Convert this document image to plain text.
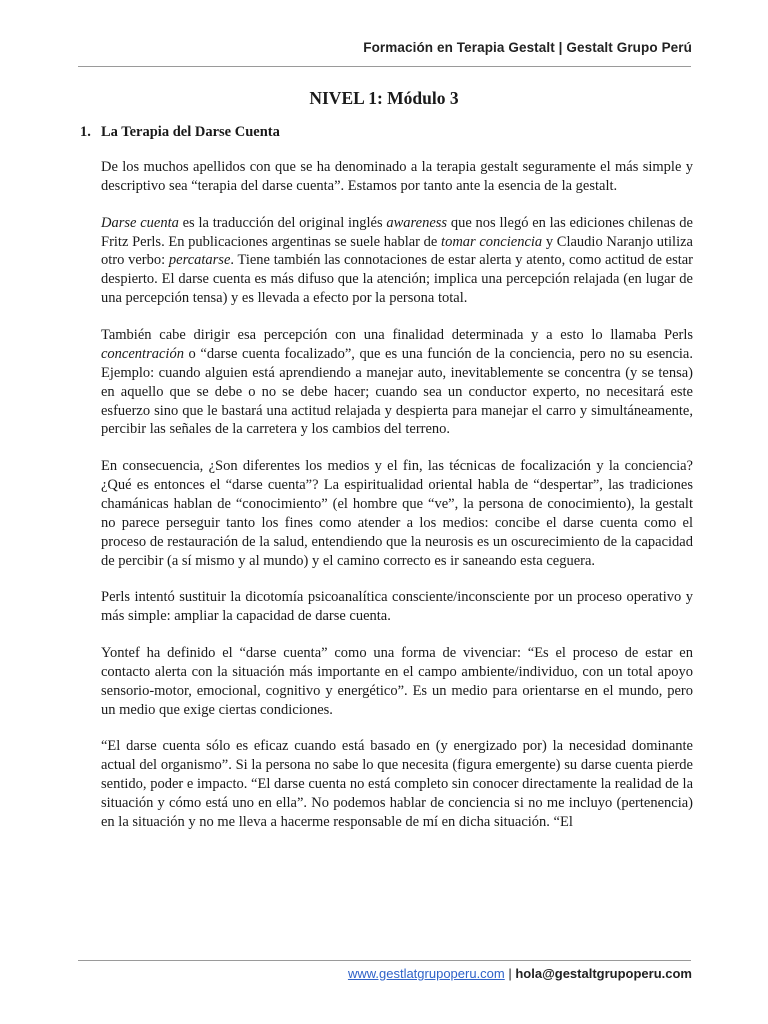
Formación en Terapia Gestalt | Gestalt Grupo Perú
NIVEL 1: Módulo 3
1. La Terapia del Darse Cuenta

De los muchos apellidos con que se ha denominado a la terapia gestalt seguramente el más simple y descriptivo sea “terapia del darse cuenta”. Estamos por tanto ante la esencia de la gestalt.

Darse cuenta es la traducción del original inglés awareness que nos llegó en las ediciones chilenas de Fritz Perls. En publicaciones argentinas se suele hablar de tomar conciencia y Claudio Naranjo utiliza otro verbo: percatarse. Tiene también las connotaciones de estar alerta y atento, como actitud de estar despierto. El darse cuenta es más difuso que la atención; implica una percepción relajada (en lugar de una percepción tensa) y es llevada a efecto por la persona total.

También cabe dirigir esa percepción con una finalidad determinada y a esto lo llamaba Perls concentración o “darse cuenta focalizado”, que es una función de la conciencia, pero no su esencia. Ejemplo: cuando alguien está aprendiendo a manejar auto, inevitablemente se concentra (y se tensa) en aquello que se debe o no se debe hacer; cuando sea un conductor experto, no necesitará este esfuerzo sino que le bastará una actitud relajada y despierta para manejar el carro y simultáneamente, percibir las señales de la carretera y los cambios del terreno.

En consecuencia, ¿Son diferentes los medios y el fin, las técnicas de focalización y la conciencia? ¿Qué es entonces el “darse cuenta”? La espiritualidad oriental habla de “despertar”, las tradiciones chamánicas hablan de “conocimiento” (el hombre que “ve”, la persona de conocimiento), la gestalt no parece perseguir tanto los fines como atender a los medios: concibe el darse cuenta como el proceso de restauración de la salud, entendiendo que la neurosis es un oscurecimiento de la capacidad de percibir (a sí mismo y al mundo) y el camino correcto es ir saneando esta ceguera.

Perls intentó sustituir la dicotomía psicoanalítica consciente/inconsciente por un proceso operativo y más simple: ampliar la capacidad de darse cuenta.

Yontef ha definido el “darse cuenta” como una forma de vivenciar: “Es el proceso de estar en contacto alerta con la situación más importante en el campo ambiente/individuo, con un total apoyo sensorio-motor, emocional, cognitivo y energético”. Es un medio para orientarse en el mundo, pero un medio que exige ciertas condiciones.

“El darse cuenta sólo es eficaz cuando está basado en (y energizado por) la necesidad dominante actual del organismo”. Si la persona no sabe lo que necesita (figura emergente) su darse cuenta pierde sentido, poder e impacto. “El darse cuenta no está completo sin conocer directamente la realidad de la situación y cómo está uno en ella”. No podemos hablar de conciencia si no me incluyo (pertenencia) en la situación y no me lleva a hacerme responsable de mí en dicha situación. “El

www.gestlatgrupoperu.com | hola@gestaltgrupoperu.com
